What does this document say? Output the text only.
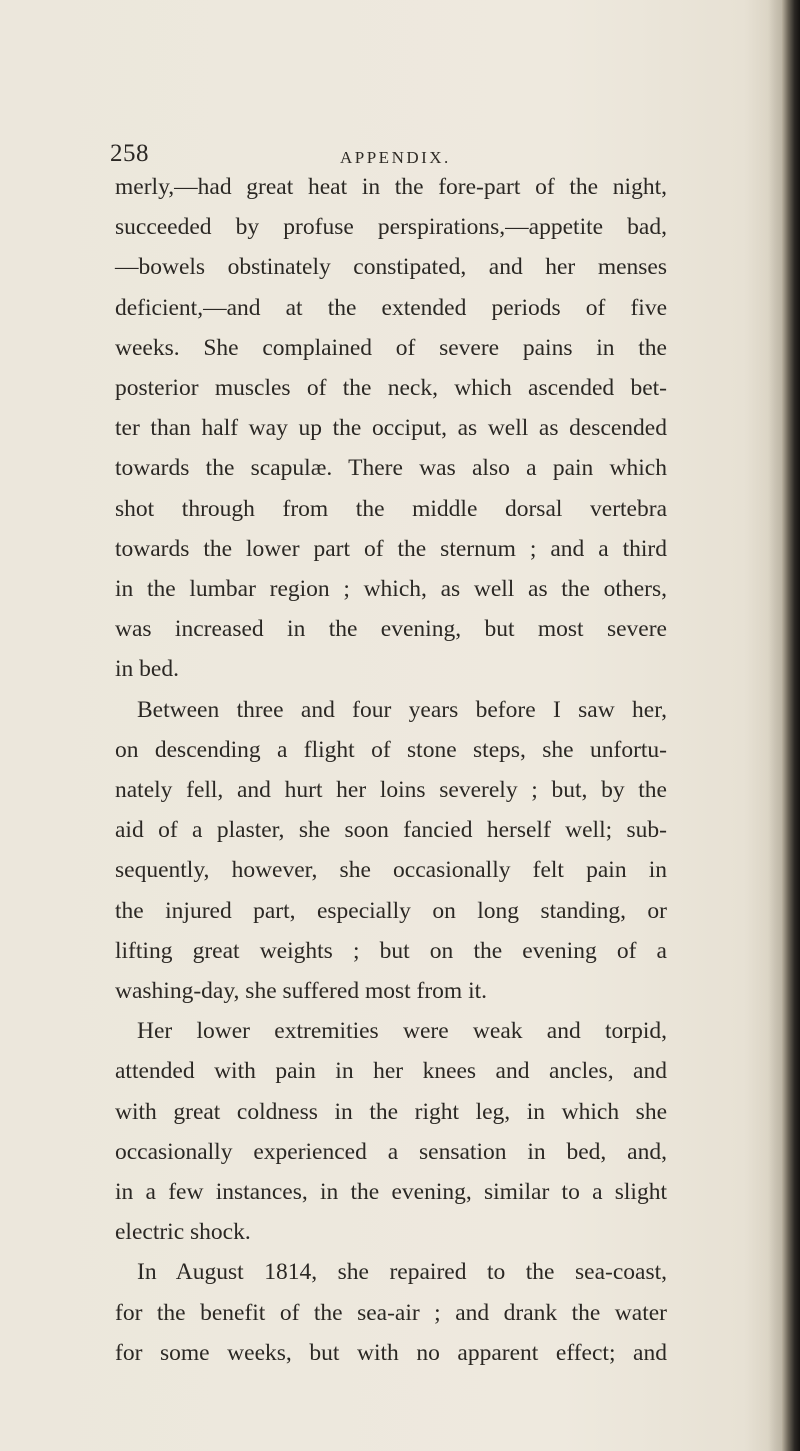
258	APPENDIX.
merly,—had great heat in the fore-part of the night,
succeeded by profuse perspirations,—appetite bad,
—bowels obstinately constipated, and her menses
deficient,—and at the extended periods of five
weeks. She complained of severe pains in the
posterior muscles of the neck, which ascended bet-
ter than half way up the occiput, as well as descended
towards the scapulæ. There was also a pain which
shot through from the middle dorsal vertebra
towards the lower part of the sternum ; and a third
in the lumbar region ; which, as well as the others,
was increased in the evening, but most severe
in bed.
Between three and four years before I saw her,
on descending a flight of stone steps, she unfortu-
nately fell, and hurt her loins severely ; but, by the
aid of a plaster, she soon fancied herself well; sub-
sequently, however, she occasionally felt pain in
the injured part, especially on long standing, or
lifting great weights ; but on the evening of a
washing-day, she suffered most from it.
Her lower extremities were weak and torpid,
attended with pain in her knees and ancles, and
with great coldness in the right leg, in which she
occasionally experienced a sensation in bed, and,
in a few instances, in the evening, similar to a slight
electric shock.
In August 1814, she repaired to the sea-coast,
for the benefit of the sea-air ; and drank the water
for some weeks, but with no apparent effect; and
